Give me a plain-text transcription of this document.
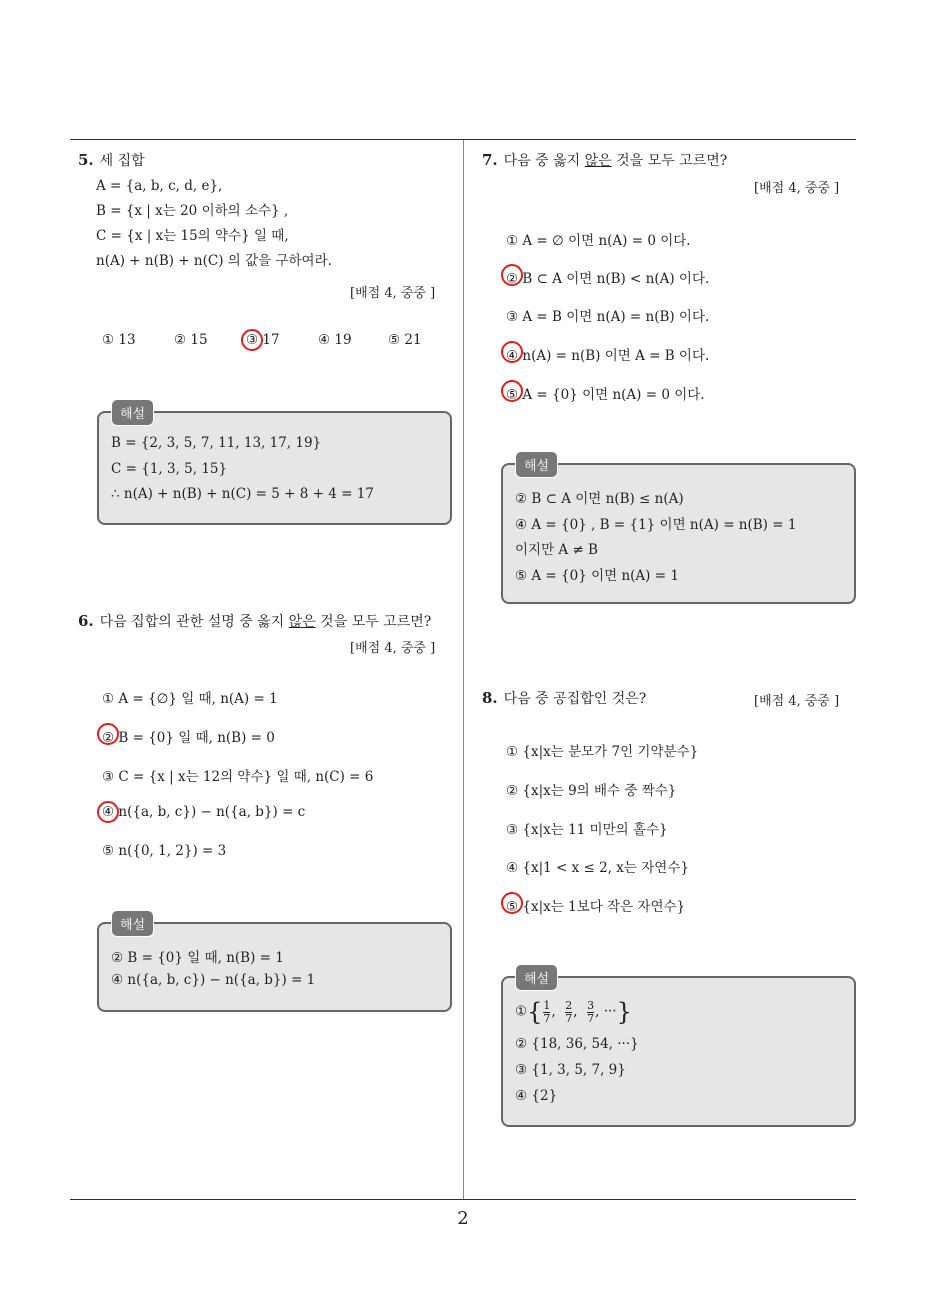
5. 세 집합
A = {a, b, c, d, e},
B = {x | x는 20 이하의 소수} ,
C = {x | x는 15의 약수} 일 때,
n(A) + n(B) + n(C) 의 값을 구하여라.
[배점 4, 중중 ]
① 13	② 15	③ 17	④ 19	⑤ 21
해설
B = {2, 3, 5, 7, 11, 13, 17, 19}
C = {1, 3, 5, 15}
∴ n(A) + n(B) + n(C) = 5 + 8 + 4 = 17
6. 다음 집합의 관한 설명 중 옳지 않은 것을 모두 고르면?
[배점 4, 중중 ]
① A = {∅} 일 때, n(A) = 1
② B = {0} 일 때, n(B) = 0
③ C = {x | x는 12의 약수} 일 때, n(C) = 6
④ n({a, b, c}) − n({a, b}) = c
⑤ n({0, 1, 2}) = 3
해설
② B = {0} 일 때, n(B) = 1
④ n({a, b, c}) − n({a, b}) = 1
7. 다음 중 옳지 않은 것을 모두 고르면?
[배점 4, 중중 ]
① A = ∅ 이면 n(A) = 0 이다.
② B ⊂ A 이면 n(B) < n(A) 이다.
③ A = B 이면 n(A) = n(B) 이다.
④ n(A) = n(B) 이면 A = B 이다.
⑤ A = {0} 이면 n(A) = 0 이다.
해설
② B ⊂ A 이면 n(B) ≤ n(A)
④ A = {0} , B = {1} 이면 n(A) = n(B) = 1
이지만 A ≠ B
⑤ A = {0} 이면 n(A) = 1
8. 다음 중 공집합인 것은?	[배점 4, 중중 ]
① {x|x는 분모가 7인 기약분수}
② {x|x는 9의 배수 중 짝수}
③ {x|x는 11 미만의 홀수}
④ {x|1 < x ≤ 2, x는 자연수}
⑤ {x|x는 1보다 작은 자연수}
해설
①{ $\frac{1}{7}$ , $\frac{2}{7}$ , $\frac{3}{7}$ , ···}
② {18, 36, 54, ···}
③ {1, 3, 5, 7, 9}
④ {2}
2
